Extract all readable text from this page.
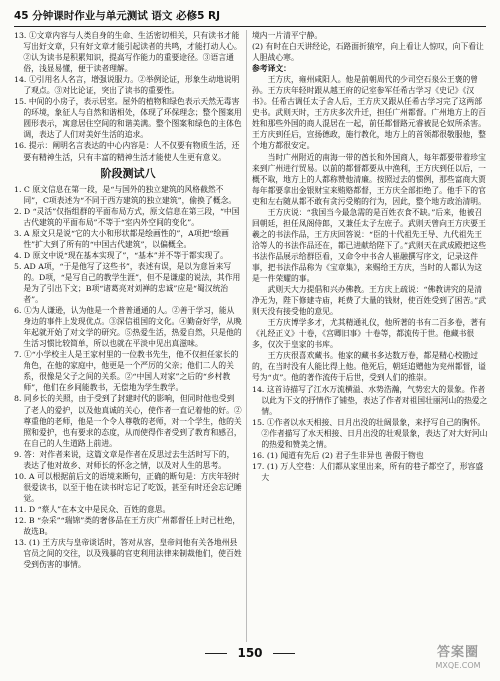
45 分钟课时作业与单元测试 语文 必修5 RJ
13. ①文章内容与人类自身的生命、生活密切相关，只有读书才能写出好文章，只有好文章才能引起读者的共鸣，才能打动人心。②认为读书是积累知识，提高写作能力的重要途径。③语言通俗，浅显易懂，便于读者理解。
14. ①引用名人名言，增强说服力。②举例论证，形象生动地说明了观点。③对比论证，突出了读书的重要性。
15. 中间的小房子，表示居室。屋外的植物和绿色表示天然无毒害的环境，象征人与自然和谐相处，体现了环保理念；整个图案用圆形表示，寓意居住空间的和谐美满。整个图案和绿色的主体色调，表达了人们对美好生活的追求。
16. 提示：阐明名言表达的中心内容是：人不仅要有物质生活，还要有精神生活，只有丰富的精神生活才能使人生更有意义。
阶段测试八
1. C 原文信息在第一段，是“与国外的独立建筑的风格截然不同”，C项表述为“不同于西方建筑的独立建筑”，偷换了概念。
2. D “灵活”仅指组群的平面布局方式，原文信息在第三段，“中国古代建筑的平面布局”不等于“室内外空间的变化”。
3. A 原文只是说“它的大小和形状都是绘画性的”，A项把“绘画性”扩大到了所有的“中国古代建筑”，以偏概全。
4. D 原文中说“现在基本实现了”，“基本”并不等于都实现了。
5. AD A项，“于是他写了这些书”，表述有误，是以为意旨来写的。D项，“是写自己的教学生涯”，但不是谦虚的说法，其作用是为了引出下文；B项“诸葛亮对刘禅的忠诚”应是“蜀汉统治者”。
6. ①为人谦逊，认为他是一个普普通通的人。②善于学习，能从身边的事件上发现优点。③深信祖国的文化。④勤奋好学，从晚年起就开始了对文学的研究。⑤热爱生活，热爱自然，只是他的生活习惯比较简单，所以也就在平淡中见出真滋味。
7. ①“小学校主人是王家村里的一位教书先生，他不仅担任家长的角色，在他的家庭中，他更是一个严厉的父亲；他们二人的关系，很像是父子之间的关系。②“中国人对家”之后的“乡村教师”，他们在乡间能教书，无偿地为学生教学。
8. 同乡长的关照，由于受到了封建时代的影响，但同时他也受到了老人的爱护，以及他真诚的关心，使作者一直记着他的好。②尊重他的老师，他是一个令人尊敬的老师，对一个学生，他的关照和爱护，也有要求的态度，从而使得作者受到了教育和感召，在自己的人生道路上前进。
9. 答：对作者来说，这篇文章是作者在反思过去生活时写下的，表达了他对故乡、对师长的怀念之情，以及对人生的思考。
10. A 可以根据前后文的语境来断句，正确的断句是：方庆年轻时很爱读书，以至于他在读书时忘记了吃饭，甚至有时还会忘记睡觉。
11. D “蔡人”在本文中是民众、百姓的意思。
12. B “杂采”“瑞锦”类的奢侈品在王方庆广州都督任上时已杜绝，故选B。
13. (1) 王方庆与皇帝谈话时，答对从容，皇帝问他有关各地州县官员之间的交往，以及残暴的官吏利用法律来制裁他们，使百姓受到伤害的事情。
境内一片清平宁静。
(2) 有时在白天讲经论，石路面折猿窄，向上看让人惊叹，向下看让人胆战心寒。
参考译文：
王方庆，雍州咸阳人。他是前朝周代的少司空石泉公王褒的曾孙。王方庆年轻时跟从越王府的记室参军任希古学习《史记》《汉书》。任希古调任太子舍人后，王方庆又跟从任希古学习完了这两部史书。武则天时，王方庆多次升迁，担任广州都督。广州地方上的百姓和那些外国的商人混居在一起，前任都督路元睿被昆仑奴所杀害。王方庆到任后，宣扬德政，施行教化，地方上的首领都很敬服他，整个地方都很安定。
当时广州附近的南海一带的酋长和外国商人，每年都要带着珍宝来到广州进行贸易。以前的都督都要从中渔利，王方庆到任以后，一概不取，地方上的人都称赞他清廉。按照过去的惯例，那些富商大贾每年都要拿出金银财宝来贿赂都督，王方庆全部拒绝了。他手下的官吏和左右随从都不敢有贪污受贿的行为，因此，整个地方政治清明。
王方庆说：“我国当今最急需的是百姓衣食不缺。”后来，他被召回朝廷，担任凤阁侍郎，又兼任太子左庶子。武则天曾向王方庆要王羲之的书法作品，王方庆回答说：“臣的十代祖先王导、九代祖先王洽等人的书法作品还在，都已进献给陛下了。”武则天在武成殿把这些书法作品展示给群臣看，又命令中书舍人崔融撰写序文，记录这件事，把书法作品称为《宝章集》，来赐给王方庆，当时的人都认为这是一件荣耀的事。
武则天大力提倡和兴办佛教。王方庆上疏说：“佛教讲究的是清净无为，陛下修建寺庙，耗费了大量的钱财，使百姓受到了困苦。”武则天没有接受他的意见。
王方庆博学多才，尤其精通礼仪，他所著的书有二百多卷，著有《礼经正义》十卷，《宫卿旧事》十卷等，都流传于世。他藏书很多，仅次于皇家的书库。
王方庆很喜欢藏书。他家的藏书多达数万卷，都是精心校勘过的，在当时没有人能比得上他。他死后，朝廷追赠他为兖州都督，谥号为“贞”。他的著作流传于后世，受到人们的推崇。
14. 这首诗描写了江水万流横溢、水势浩瀚，气势宏大的景象。作者以此为下文的抒情作了铺垫，表达了作者对祖国壮丽河山的热爱之情。
15. ①作者以水天相接、日月出没的壮阔景象，来抒写自己的胸怀。②作者描写了水天相接、日月出没的壮观景象，表达了对大好河山的热爱和赞美之情。
16. (1) 闻道有先后 (2) 君子生非异也 善假于物也
17. (1) 万人空巷：人们都从家里出来，所有的巷子都空了，形容盛大
150	答案圈
MXQE.COM
